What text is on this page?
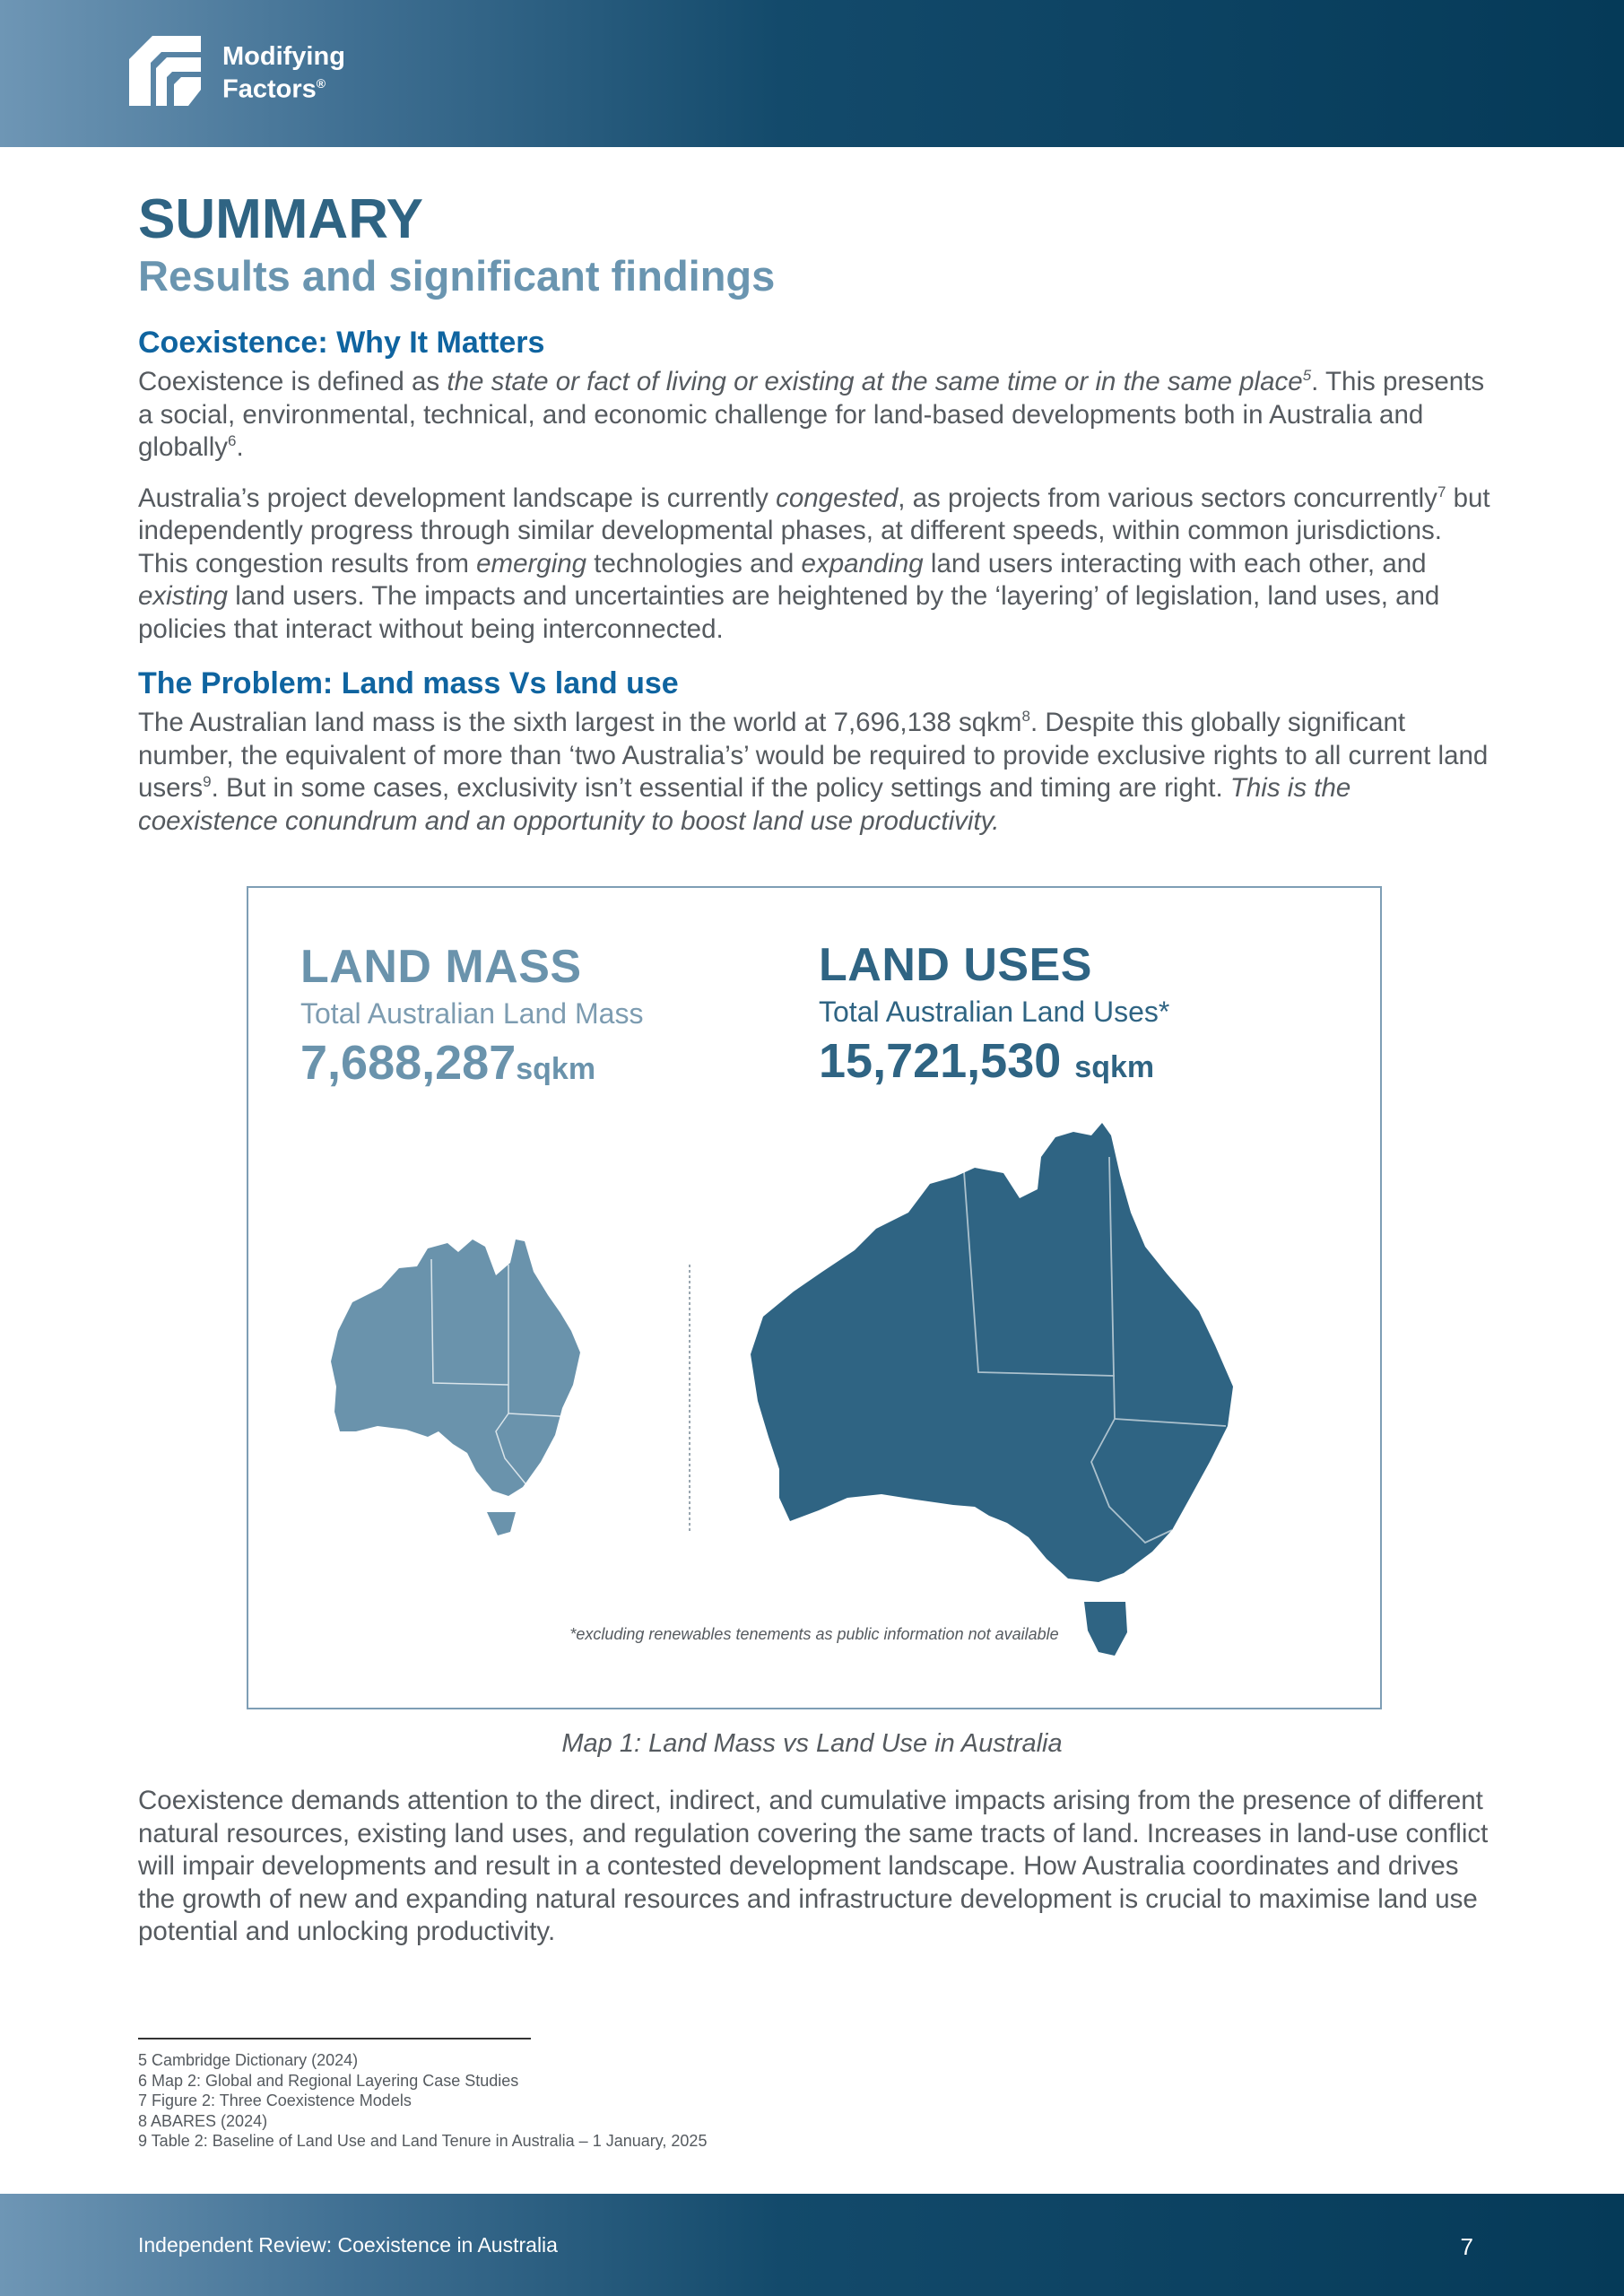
Modifying
Factors®
SUMMARY
Results and significant findings
Coexistence: Why It Matters

Coexistence is defined as the state or fact of living or existing at the same time or in the same place$^5$. This presents a social, environmental, technical, and economic challenge for land-based developments both in Australia and globally$^6$.

Australia’s project development landscape is currently congested, as projects from various sectors concurrently$^7$ but independently progress through similar developmental phases, at different speeds, within common jurisdictions. This congestion results from emerging technologies and expanding land users interacting with each other, and existing land users. The impacts and uncertainties are heightened by the ‘layering’ of legislation, land uses, and policies that interact without being interconnected.

The Problem: Land mass Vs land use

The Australian land mass is the sixth largest in the world at 7,696,138 sqkm$^8$. Despite this globally significant number, the equivalent of more than ‘two Australia’s’ would be required to provide exclusive rights to all current land users$^9$. But in some cases, exclusivity isn’t essential if the policy settings and timing are right. This is the coexistence conundrum and an opportunity to boost land use productivity.

LAND MASS
Total Australian Land Mass
7,688,287sqkm
LAND USES
Total Australian Land Uses*
15,721,530 sqkm
*excluding renewables tenements as public information not available
Map 1: Land Mass vs Land Use in Australia

Coexistence demands attention to the direct, indirect, and cumulative impacts arising from the presence of different natural resources, existing land uses, and regulation covering the same tracts of land. Increases in land-use conflict will impair developments and result in a contested development landscape. How Australia coordinates and drives the growth of new and expanding natural resources and infrastructure development is crucial to maximise land use potential and unlocking productivity.

5 Cambridge Dictionary (2024)
6 Map 2: Global and Regional Layering Case Studies
7 Figure 2: Three Coexistence Models
8 ABARES (2024)
9 Table 2: Baseline of Land Use and Land Tenure in Australia – 1 January, 2025
Independent Review: Coexistence in Australia	7
